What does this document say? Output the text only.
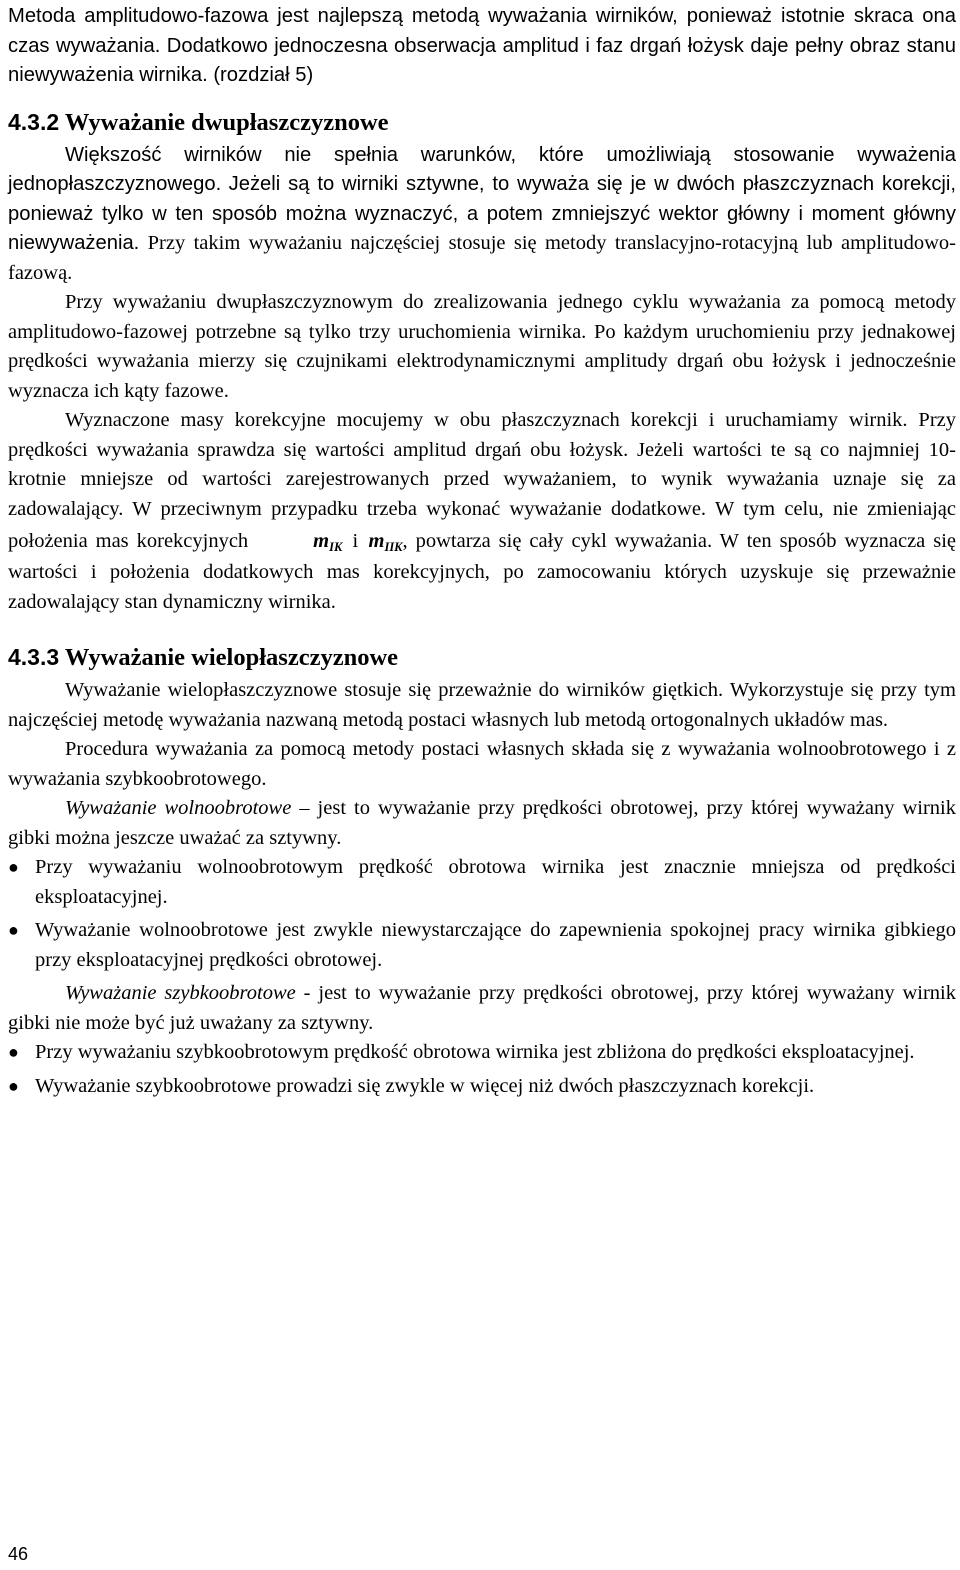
Metoda amplitudowo-fazowa jest najlepszą metodą wyważania wirników, ponieważ istotnie skraca ona czas wyważania. Dodatkowo jednoczesna obserwacja amplitud i faz drgań łożysk daje pełny obraz stanu niewyważenia wirnika. (rozdział 5)

4.3.2 Wyważanie dwupłaszczyznowe

Większość wirników nie spełnia warunków, które umożliwiają stosowanie wyważenia jednopłaszczyznowego. Jeżeli są to wirniki sztywne, to wyważa się je w dwóch płaszczyznach korekcji, ponieważ tylko w ten sposób można wyznaczyć, a potem zmniejszyć wektor główny i moment główny niewyważenia. Przy takim wyważaniu najczęściej stosuje się metody translacyjno-rotacyjną lub amplitudowo-fazową.

Przy wyważaniu dwupłaszczyznowym do zrealizowania jednego cyklu wyważania za pomocą metody amplitudowo-fazowej potrzebne są tylko trzy uruchomienia wirnika. Po każdym uruchomieniu przy jednakowej prędkości wyważania mierzy się czujnikami elektrodynamicznymi amplitudy drgań obu łożysk i jednocześnie wyznacza ich kąty fazowe.

Wyznaczone masy korekcyjne mocujemy w obu płaszczyznach korekcji i uruchamiamy wirnik. Przy prędkości wyważania sprawdza się wartości amplitud drgań obu łożysk. Jeżeli wartości te są co najmniej 10-krotnie mniejsze od wartości zarejestrowanych przed wyważaniem, to wynik wyważania uznaje się za zadowalający. W przeciwnym przypadku trzeba wykonać wyważanie dodatkowe. W tym celu, nie zmieniając położenia mas korekcyjnych	$m_{IK}$ i $m_{IIK}$, powtarza się cały cykl wyważania. W ten sposób wyznacza się wartości i położenia dodatkowych mas korekcyjnych, po zamocowaniu których uzyskuje się przeważnie zadowalający stan dynamiczny wirnika.

4.3.3 Wyważanie wielopłaszczyznowe

Wyważanie wielopłaszczyznowe stosuje się przeważnie do wirników giętkich. Wykorzystuje się przy tym najczęściej metodę wyważania nazwaną metodą postaci własnych lub metodą ortogonalnych układów mas.

Procedura wyważania za pomocą metody postaci własnych składa się z wyważania wolnoobrotowego i z wyważania szybkoobrotowego.

Wyważanie wolnoobrotowe – jest to wyważanie przy prędkości obrotowej, przy której wyważany wirnik gibki można jeszcze uważać za sztywny.

● Przy wyważaniu wolnoobrotowym prędkość obrotowa wirnika jest znacznie mniejsza od prędkości eksploatacyjnej.
● Wyważanie wolnoobrotowe jest zwykle niewystarczające do zapewnienia spokojnej pracy wirnika gibkiego przy eksploatacyjnej prędkości obrotowej.

Wyważanie szybkoobrotowe - jest to wyważanie przy prędkości obrotowej, przy której wyważany wirnik gibki nie może być już uważany za sztywny.

● Przy wyważaniu szybkoobrotowym prędkość obrotowa wirnika jest zbliżona do prędkości eksploatacyjnej.
● Wyważanie szybkoobrotowe prowadzi się zwykle w więcej niż dwóch płaszczyznach korekcji.
46
